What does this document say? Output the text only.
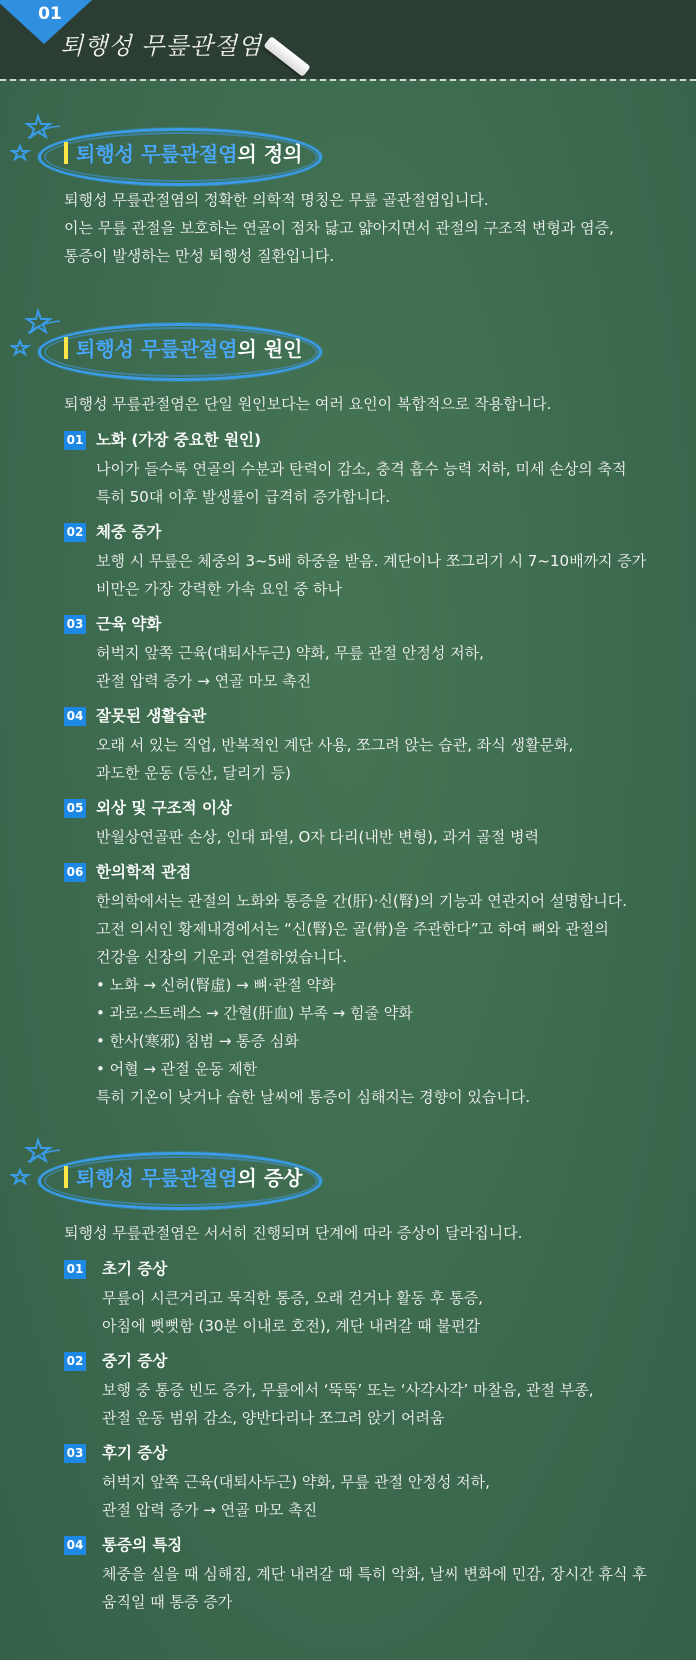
01
퇴행성 무릎관절염
퇴행성 무릎관절염의 정의
퇴행성 무릎관절염의 정확한 의학적 명칭은 무릎 골관절염입니다.
이는 무릎 관절을 보호하는 연골이 점차 닳고 얇아지면서 관절의 구조적 변형과 염증,
통증이 발생하는 만성 퇴행성 질환입니다.
퇴행성 무릎관절염의 원인
퇴행성 무릎관절염은 단일 원인보다는 여러 요인이 복합적으로 작용합니다.
01 노화 (가장 중요한 원인)
나이가 들수록 연골의 수분과 탄력이 감소, 충격 흡수 능력 저하, 미세 손상의 축적
특히 50대 이후 발생률이 급격히 증가합니다.
02 체중 증가
보행 시 무릎은 체중의 3~5배 하중을 받음. 계단이나 쪼그리기 시 7~10배까지 증가
비만은 가장 강력한 가속 요인 중 하나
03 근육 약화
허벅지 앞쪽 근육(대퇴사두근) 약화, 무릎 관절 안정성 저하,
관절 압력 증가 → 연골 마모 촉진
04 잘못된 생활습관
오래 서 있는 직업, 반복적인 계단 사용, 쪼그려 앉는 습관, 좌식 생활문화,
과도한 운동 (등산, 달리기 등)
05 외상 및 구조적 이상
반월상연골판 손상, 인대 파열, O자 다리(내반 변형), 과거 골절 병력
06 한의학적 관점
한의학에서는 관절의 노화와 통증을 간(肝)·신(腎)의 기능과 연관지어 설명합니다.
고전 의서인 황제내경에서는 “신(腎)은 골(骨)을 주관한다”고 하여 뼈와 관절의
건강을 신장의 기운과 연결하였습니다.
• 노화 → 신허(腎虛) → 뼈·관절 약화
• 과로·스트레스 → 간혈(肝血) 부족 → 힘줄 약화
• 한사(寒邪) 침범 → 통증 심화
• 어혈 → 관절 운동 제한
특히 기온이 낮거나 습한 날씨에 통증이 심해지는 경향이 있습니다.
퇴행성 무릎관절염의 증상
퇴행성 무릎관절염은 서서히 진행되며 단계에 따라 증상이 달라집니다.
01 초기 증상
무릎이 시큰거리고 묵직한 통증, 오래 걷거나 활동 후 통증,
아침에 뻣뻣함 (30분 이내로 호전), 계단 내려갈 때 불편감
02 중기 증상
보행 중 통증 빈도 증가, 무릎에서 ‘뚝뚝’ 또는 ‘사각사각’ 마찰음, 관절 부종,
관절 운동 범위 감소, 양반다리나 쪼그려 앉기 어려움
03 후기 증상
허벅지 앞쪽 근육(대퇴사두근) 약화, 무릎 관절 안정성 저하,
관절 압력 증가 → 연골 마모 촉진
04 통증의 특징
체중을 실을 때 심해짐, 계단 내려갈 때 특히 악화, 날씨 변화에 민감, 장시간 휴식 후
움직일 때 통증 증가
